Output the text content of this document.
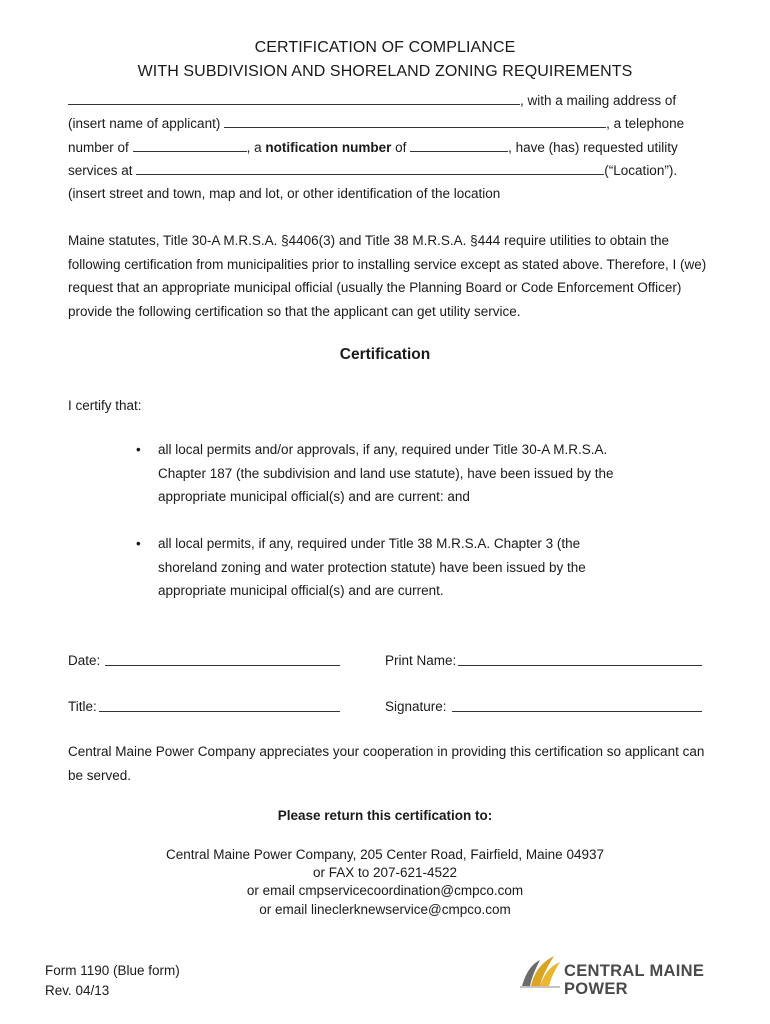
CERTIFICATION OF COMPLIANCE
WITH SUBDIVISION AND SHORELAND ZONING REQUIREMENTS
, with a mailing address of
(insert name of applicant)	, a telephone
number of	, a notification number of	, have (has) requested utility
services at	(“Location”).
(insert street and town, map and lot, or other identification of the location
Maine statutes, Title 30-A M.R.S.A. §4406(3) and Title 38 M.R.S.A. §444 require utilities to obtain the following certification from municipalities prior to installing service except as stated above. Therefore, I (we) request that an appropriate municipal official (usually the Planning Board or Code Enforcement Officer) provide the following certification so that the applicant can get utility service.
Certification
I certify that:
• all local permits and/or approvals, if any, required under Title 30-A M.R.S.A. Chapter 187 (the subdivision and land use statute), have been issued by the appropriate municipal official(s) and are current: and
• all local permits, if any, required under Title 38 M.R.S.A. Chapter 3 (the shoreland zoning and water protection statute) have been issued by the appropriate municipal official(s) and are current.
Date:	Print Name:
Title:	Signature:
Central Maine Power Company appreciates your cooperation in providing this certification so applicant can be served.
Please return this certification to:
Central Maine Power Company, 205 Center Road, Fairfield, Maine 04937
or FAX to 207-621-4522
or email cmpservicecoordination@cmpco.com
or email lineclerknewservice@cmpco.com
Form 1190 (Blue form)
Rev. 04/13
CENTRAL MAINE
POWER
